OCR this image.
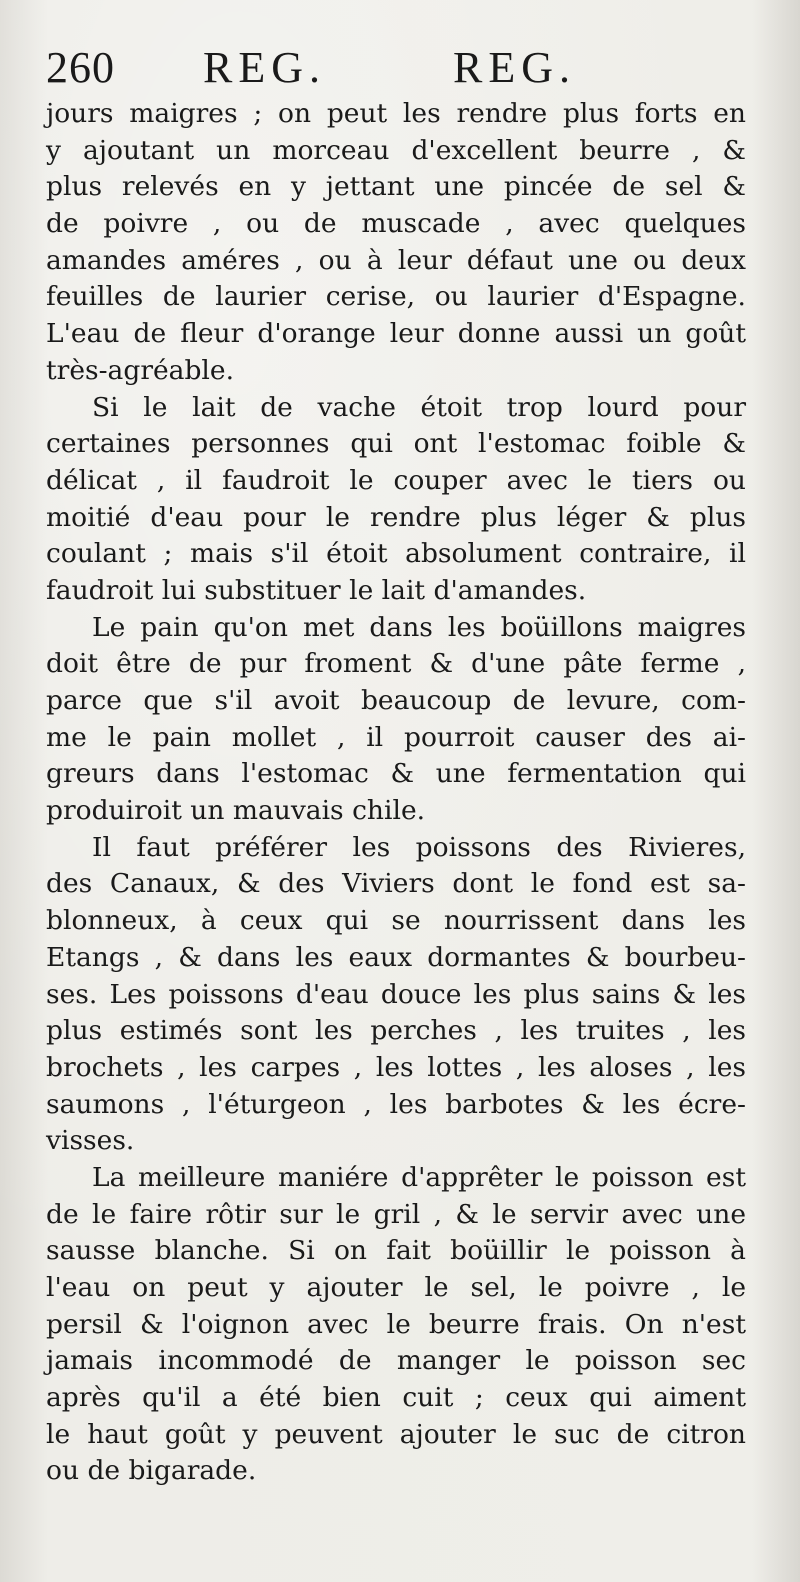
260 REG.	REG.
jours maigres ; on peut les rendre plus forts en
y ajoutant un morceau d'excellent beurre , &
plus relevés en y jettant une pincée de sel &
de poivre , ou de muscade , avec quelques
amandes améres , ou à leur défaut une ou deux
feuilles de laurier cerise, ou laurier d'Espagne.
L'eau de fleur d'orange leur donne aussi un goût
très-agréable.
Si le lait de vache étoit trop lourd pour
certaines personnes qui ont l'estomac foible &
délicat , il faudroit le couper avec le tiers ou
moitié d'eau pour le rendre plus léger & plus
coulant ; mais s'il étoit absolument contraire, il
faudroit lui substituer le lait d'amandes.
Le pain qu'on met dans les boüillons maigres
doit être de pur froment & d'une pâte ferme ,
parce que s'il avoit beaucoup de levure, com-
me le pain mollet , il pourroit causer des ai-
greurs dans l'estomac & une fermentation qui
produiroit un mauvais chile.
Il faut préférer les poissons des Rivieres,
des Canaux, & des Viviers dont le fond est sa-
blonneux, à ceux qui se nourrissent dans les
Etangs , & dans les eaux dormantes & bourbeu-
ses. Les poissons d'eau douce les plus sains & les
plus estimés sont les perches , les truites , les
brochets , les carpes , les lottes , les aloses , les
saumons , l'éturgeon , les barbotes & les écre-
visses.
La meilleure maniére d'apprêter le poisson est
de le faire rôtir sur le gril , & le servir avec une
sausse blanche. Si on fait boüillir le poisson à
l'eau on peut y ajouter le sel, le poivre , le
persil & l'oignon avec le beurre frais. On n'est
jamais incommodé de manger le poisson sec
après qu'il a été bien cuit ; ceux qui aiment
le haut goût y peuvent ajouter le suc de citron
ou de bigarade.
